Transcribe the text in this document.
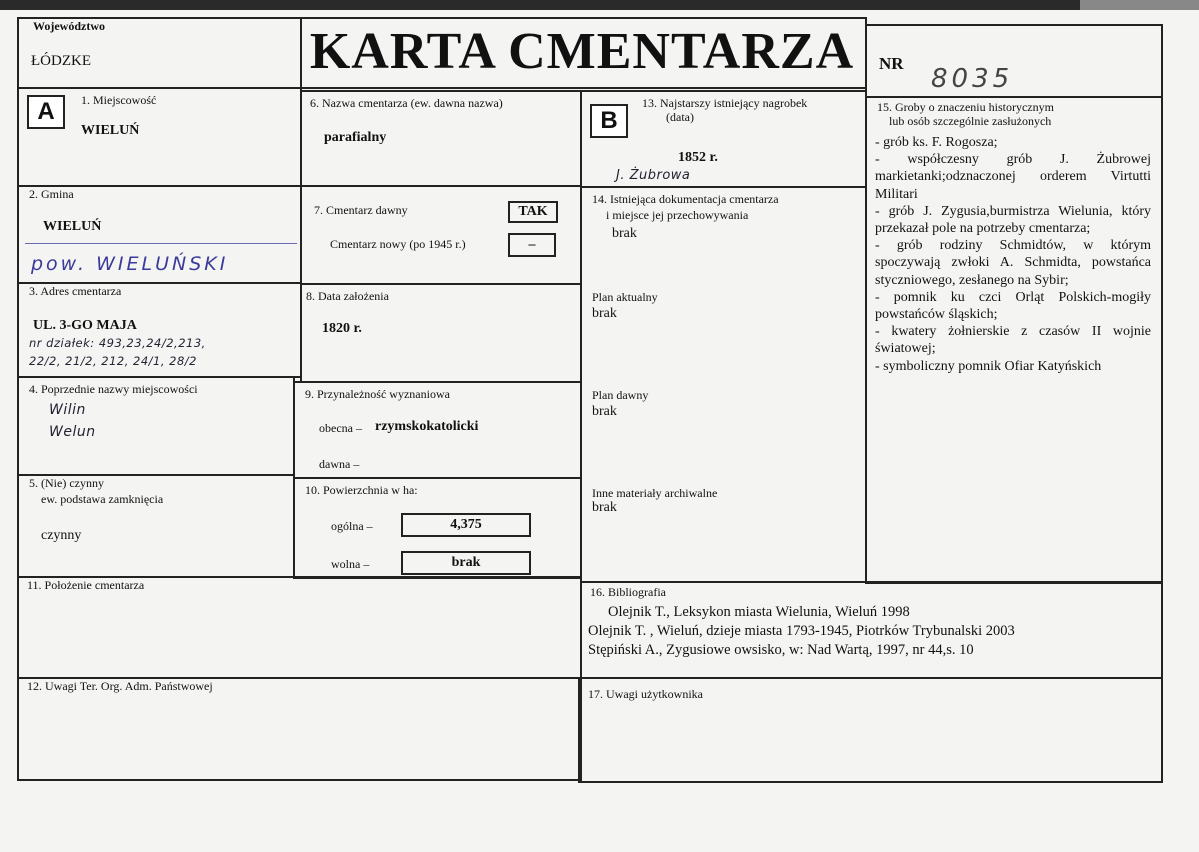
Województwo
ŁÓDZKE	KARTA CMENTARZA	NR
8035
A	1. Miejscowość
WIELUŃ
2. Gmina
WIELUŃ
pow. WIELUŃSKI
3. Adres cmentarza
UL. 3-GO MAJA
nr działek: 493,23,24/2,213,
22/2, 21/2, 212, 24/1, 28/2
4. Poprzednie nazwy miejscowości
Wilin
Welun
5. (Nie) czynny
ew. podstawa zamknięcia
czynny
6. Nazwa cmentarza (ew. dawna nazwa)
parafialny
7. Cmentarz dawny	TAK
Cmentarz nowy (po 1945 r.)	–
8. Data założenia
1820 r.
9. Przynależność wyznaniowa
obecna – rzymskokatolicki
dawna –
10. Powierzchnia w ha:
ogólna –	4,375
wolna –	brak
B
13. Najstarszy istniejący nagrobek
(data)
1852 r.
J. Żubrowa
14. Istniejąca dokumentacja cmentarza
i miejsce jej przechowywania
brak
Plan aktualny
brak
Plan dawny
brak
Inne materiały archiwalne
brak
15. Groby o znaczeniu historycznym
lub osób szczególnie zasłużonych
- grób ks. F. Rogosza;
- współczesny grób J. Żubrowej markietanki;odznaczonej orderem Virtutti Militari
- grób J. Zygusia,burmistrza Wielunia, który przekazał pole na potrzeby cmentarza;
- grób rodziny Schmidtów, w którym spoczywają zwłoki A. Schmidta, powstańca styczniowego, zesłanego na Sybir;
- pomnik ku czci Orląt Polskich-mogiły powstańców śląskich;
- kwatery żołnierskie z czasów II wojnie światowej;
- symboliczny pomnik Ofiar Katyńskich
11. Położenie cmentarza	16. Bibliografia
Olejnik T., Leksykon miasta Wielunia, Wieluń 1998
Olejnik T. , Wieluń, dzieje miasta 1793-1945, Piotrków Trybunalski 2003
Stępiński A., Zygusiowe owsisko, w: Nad Wartą, 1997, nr 44,s. 10
12. Uwagi Ter. Org. Adm. Państwowej
17. Uwagi użytkownika
